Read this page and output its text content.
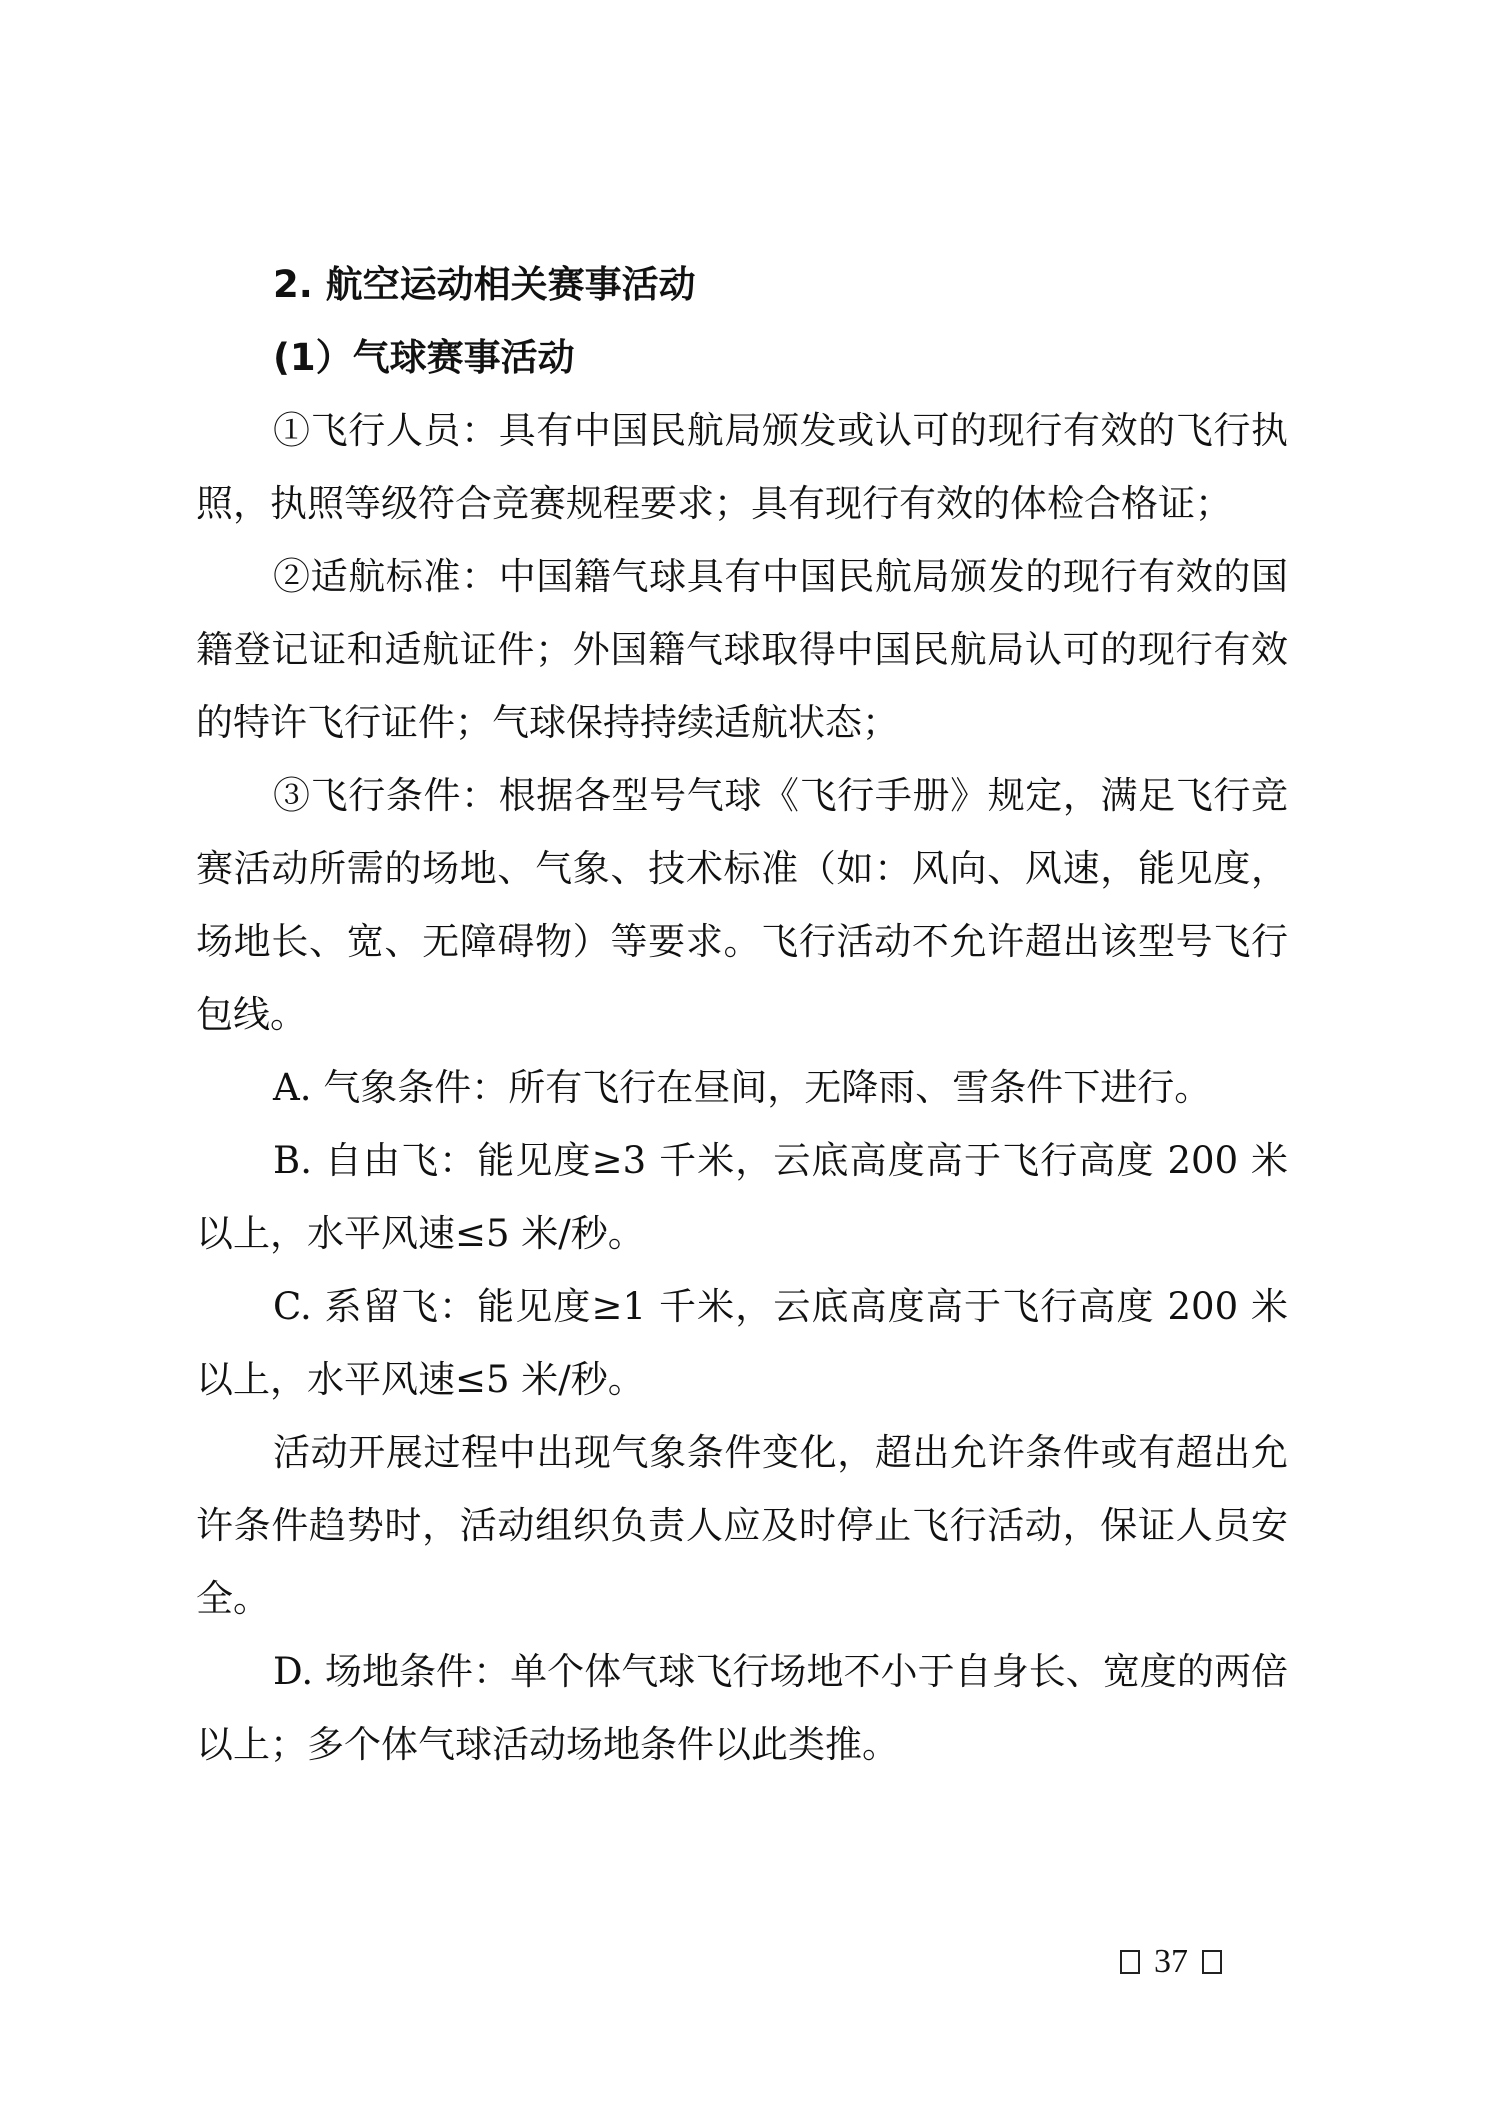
2. 航空运动相关赛事活动
(1）气球赛事活动

①飞行人员：具有中国民航局颁发或认可的现行有效的飞行执照，执照等级符合竞赛规程要求；具有现行有效的体检合格证；

②适航标准：中国籍气球具有中国民航局颁发的现行有效的国籍登记证和适航证件；外国籍气球取得中国民航局认可的现行有效的特许飞行证件；气球保持持续适航状态；

③飞行条件：根据各型号气球《飞行手册》规定，满足飞行竞赛活动所需的场地、气象、技术标准（如：风向、风速，能见度，场地长、宽、无障碍物）等要求。飞行活动不允许超出该型号飞行包线。

A. 气象条件：所有飞行在昼间，无降雨、雪条件下进行。

B. 自由飞：能见度≥3 千米，云底高度高于飞行高度 200 米以上，水平风速≤5 米/秒。

C. 系留飞：能见度≥1 千米，云底高度高于飞行高度 200 米以上，水平风速≤5 米/秒。

活动开展过程中出现气象条件变化，超出允许条件或有超出允许条件趋势时，活动组织负责人应及时停止飞行活动，保证人员安全。

D. 场地条件：单个体气球飞行场地不小于自身长、宽度的两倍以上；多个体气球活动场地条件以此类推。

37
